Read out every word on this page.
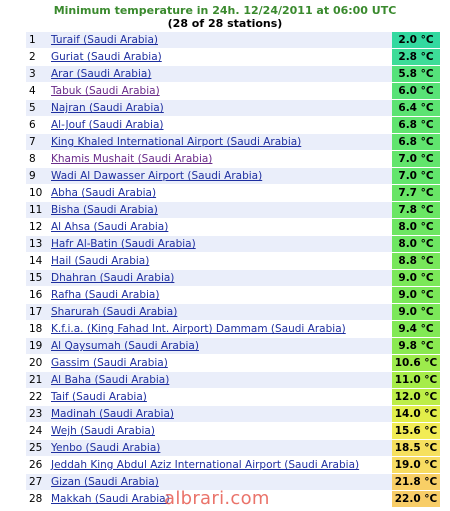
Minimum temperature in 24h. 12/24/2011 at 06:00 UTC
(28 of 28 stations)
1	Turaif (Saudi Arabia)	2.0 °C
2	Guriat (Saudi Arabia)	2.8 °C
3	Arar (Saudi Arabia)	5.8 °C
4	Tabuk (Saudi Arabia)	6.0 °C
5	Najran (Saudi Arabia)	6.4 °C
6	Al-Jouf (Saudi Arabia)	6.8 °C
7	King Khaled International Airport (Saudi Arabia)	6.8 °C
8	Khamis Mushait (Saudi Arabia)	7.0 °C
9	Wadi Al Dawasser Airport (Saudi Arabia)	7.0 °C
10	Abha (Saudi Arabia)	7.7 °C
11	Bisha (Saudi Arabia)	7.8 °C
12	Al Ahsa (Saudi Arabia)	8.0 °C
13	Hafr Al-Batin (Saudi Arabia)	8.0 °C
14	Hail (Saudi Arabia)	8.8 °C
15	Dhahran (Saudi Arabia)	9.0 °C
16	Rafha (Saudi Arabia)	9.0 °C
17	Sharurah (Saudi Arabia)	9.0 °C
18	K.f.i.a. (King Fahad Int. Airport) Dammam (Saudi Arabia)	9.4 °C
19	Al Qaysumah (Saudi Arabia)	9.8 °C
20	Gassim (Saudi Arabia)	10.6 °C
21	Al Baha (Saudi Arabia)	11.0 °C
22	Taif (Saudi Arabia)	12.0 °C
23	Madinah (Saudi Arabia)	14.0 °C
24	Wejh (Saudi Arabia)	15.6 °C
25	Yenbo (Saudi Arabia)	18.5 °C
26	Jeddah King Abdul Aziz International Airport (Saudi Arabia)	19.0 °C
27	Gizan (Saudi Arabia)	21.8 °C
28	Makkah (Saudi Arabia)	22.0 °C
albrari.com
